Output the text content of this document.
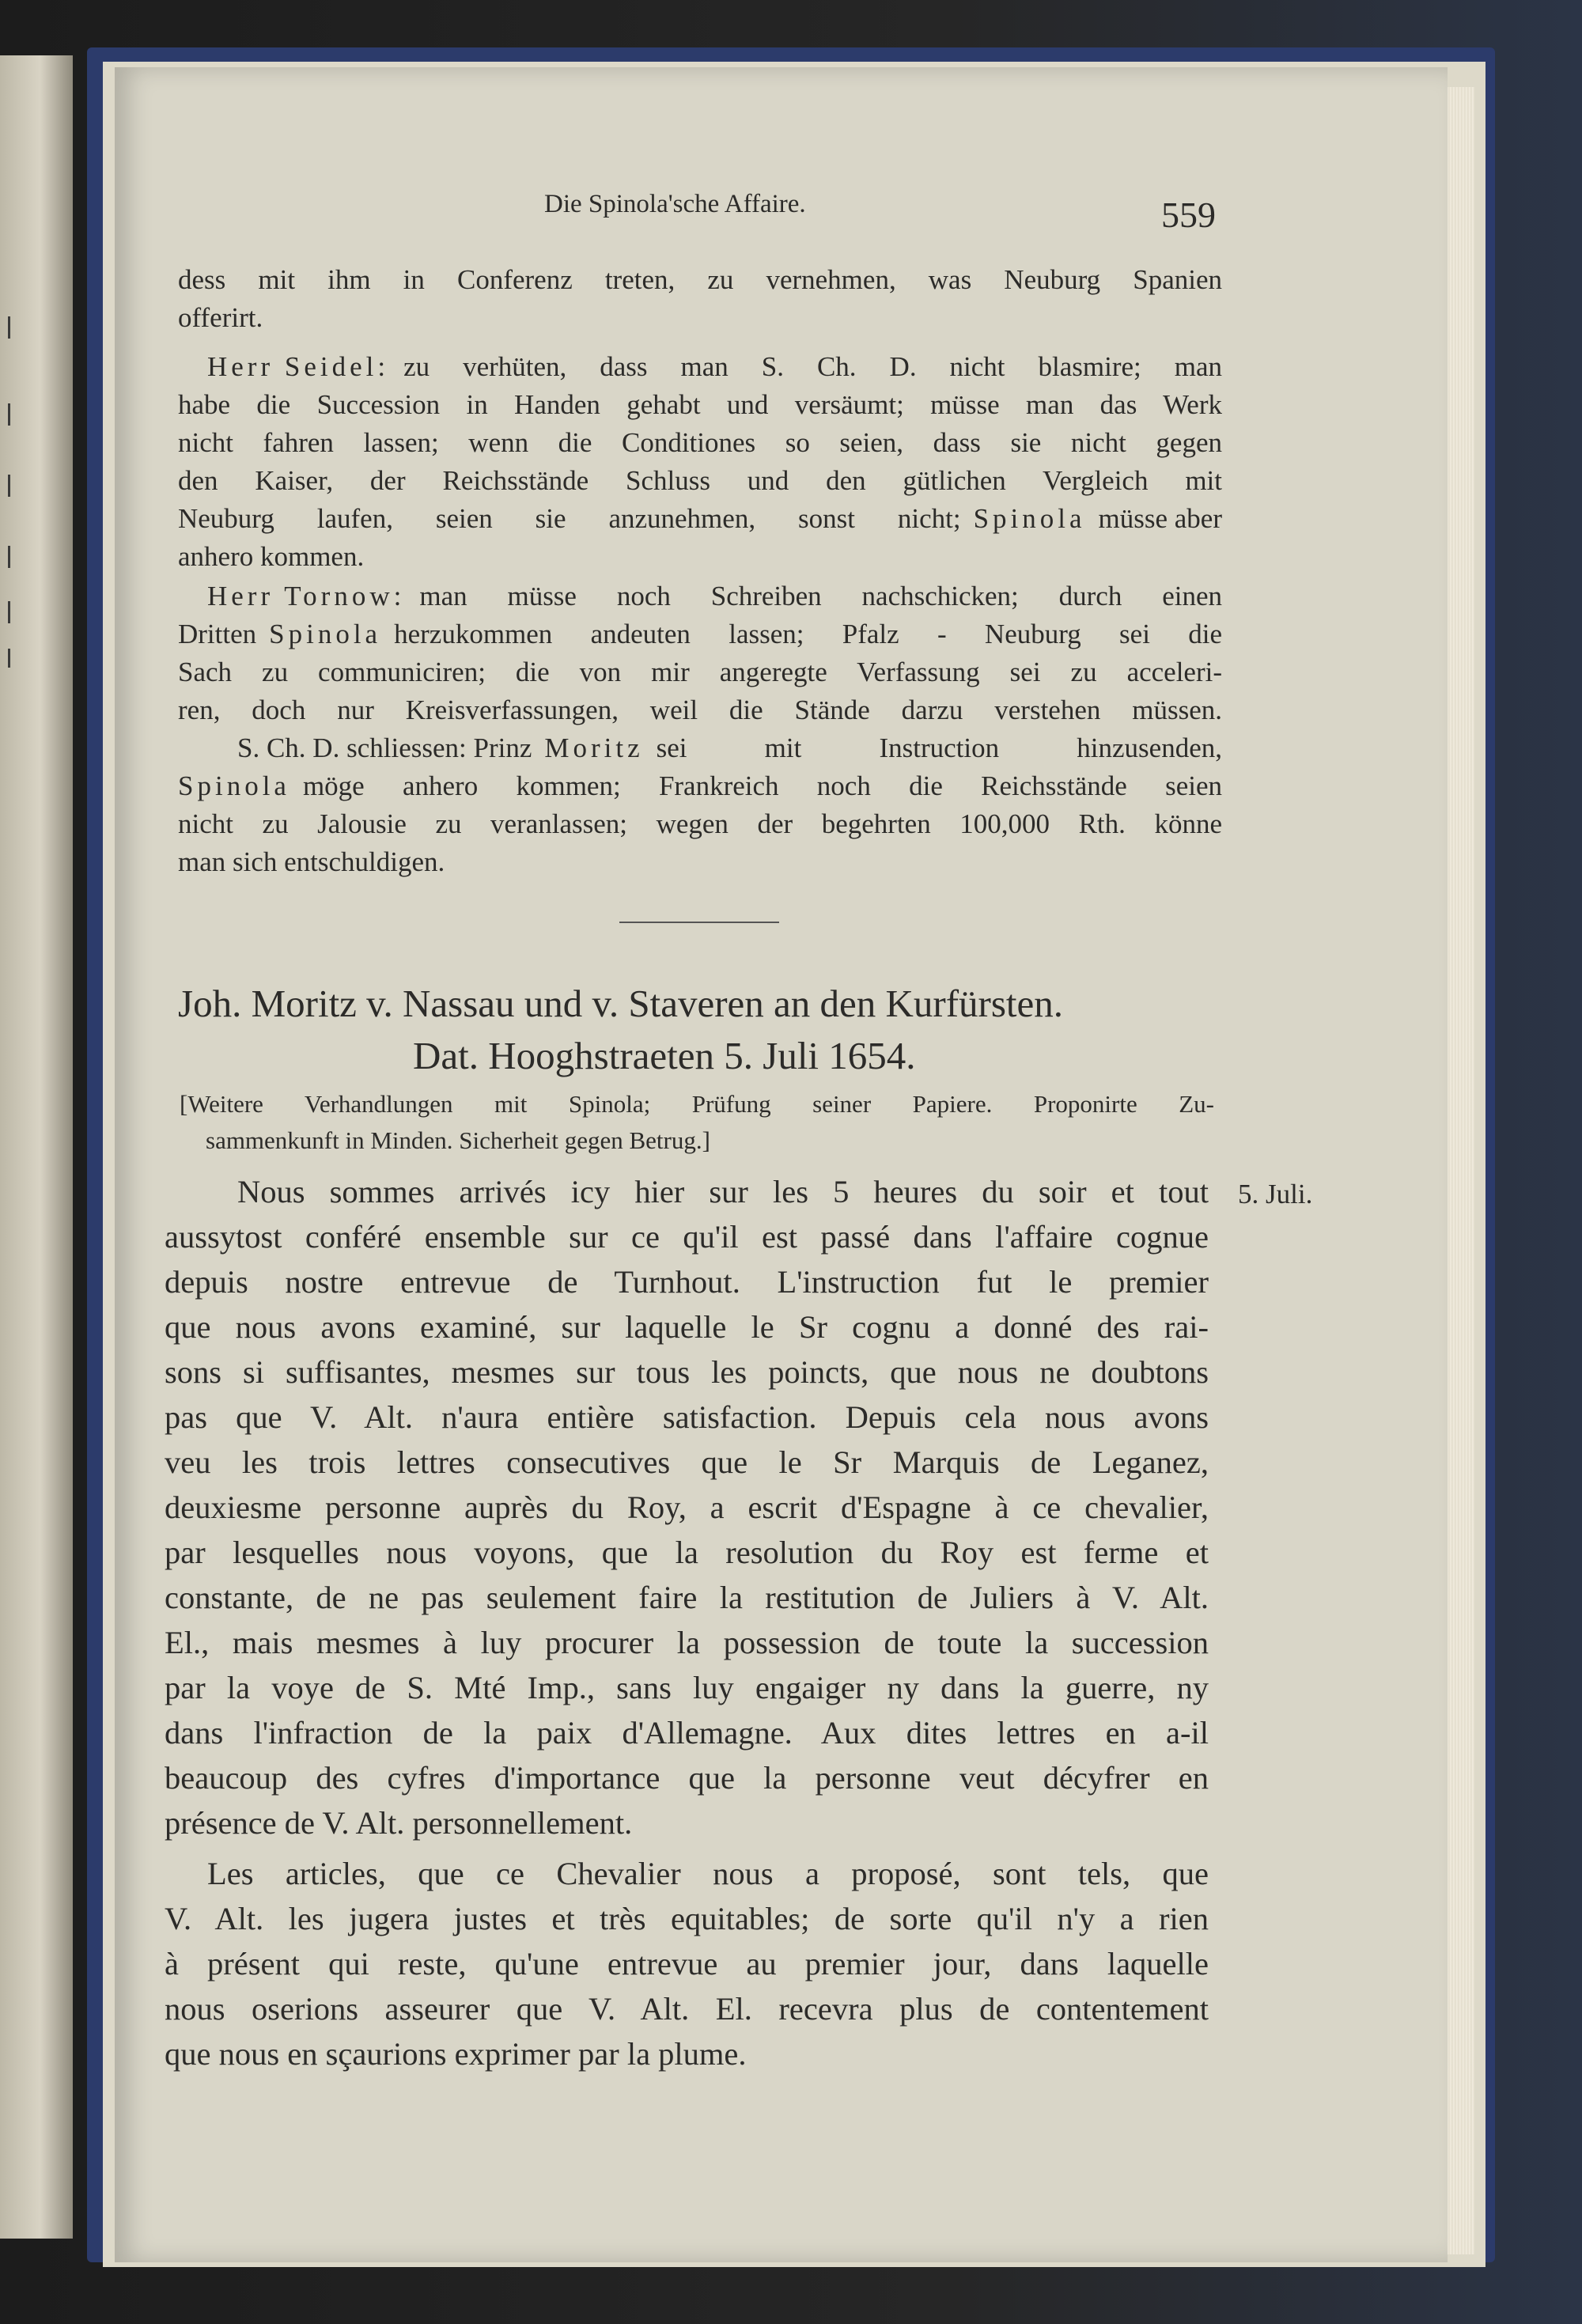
Die Spinola'sche Affaire.	559
dess mit ihm in Conferenz treten, zu vernehmen, was Neuburg Spanien
offerirt.
Herr Seidel: zu verhüten, dass man S. Ch. D. nicht blasmire; man
habe die Succession in Handen gehabt und versäumt; müsse man das Werk
nicht fahren lassen; wenn die Conditiones so seien, dass sie nicht gegen
den Kaiser, der Reichsstände Schluss und den gütlichen Vergleich mit
Neuburg laufen, seien sie anzunehmen, sonst nicht; Spinola müsse aber
anhero kommen.
Herr Tornow: man müsse noch Schreiben nachschicken; durch einen
Dritten Spinola herzukommen andeuten lassen; Pfalz - Neuburg sei die
Sach zu communiciren; die von mir angeregte Verfassung sei zu acceleri-
ren, doch nur Kreisverfassungen, weil die Stände darzu verstehen müssen.
S. Ch. D. schliessen: Prinz Moritz sei mit Instruction hinzusenden,
Spinola möge anhero kommen; Frankreich noch die Reichsstände seien
nicht zu Jalousie zu veranlassen; wegen der begehrten 100,000 Rth. könne
man sich entschuldigen.
Joh. Moritz v. Nassau und v. Staveren an den Kurfürsten.
Dat. Hooghstraeten 5. Juli 1654.
[Weitere Verhandlungen mit Spinola; Prüfung seiner Papiere. Proponirte Zu-
sammenkunft in Minden. Sicherheit gegen Betrug.]
5. Juli.
Nous sommes arrivés icy hier sur les 5 heures du soir et tout
aussytost conféré ensemble sur ce qu'il est passé dans l'affaire cognue
depuis nostre entrevue de Turnhout. L'instruction fut le premier
que nous avons examiné, sur laquelle le Sr cognu a donné des rai-
sons si suffisantes, mesmes sur tous les poincts, que nous ne doubtons
pas que V. Alt. n'aura entière satisfaction. Depuis cela nous avons
veu les trois lettres consecutives que le Sr Marquis de Leganez,
deuxiesme personne auprès du Roy, a escrit d'Espagne à ce chevalier,
par lesquelles nous voyons, que la resolution du Roy est ferme et
constante, de ne pas seulement faire la restitution de Juliers à V. Alt.
El., mais mesmes à luy procurer la possession de toute la succession
par la voye de S. Mté Imp., sans luy engaiger ny dans la guerre, ny
dans l'infraction de la paix d'Allemagne. Aux dites lettres en a-il
beaucoup des cyfres d'importance que la personne veut décyfrer en
présence de V. Alt. personnellement.
Les articles, que ce Chevalier nous a proposé, sont tels, que
V. Alt. les jugera justes et très equitables; de sorte qu'il n'y a rien
à présent qui reste, qu'une entrevue au premier jour, dans laquelle
nous oserions asseurer que V. Alt. El. recevra plus de contentement
que nous en sçaurions exprimer par la plume.
